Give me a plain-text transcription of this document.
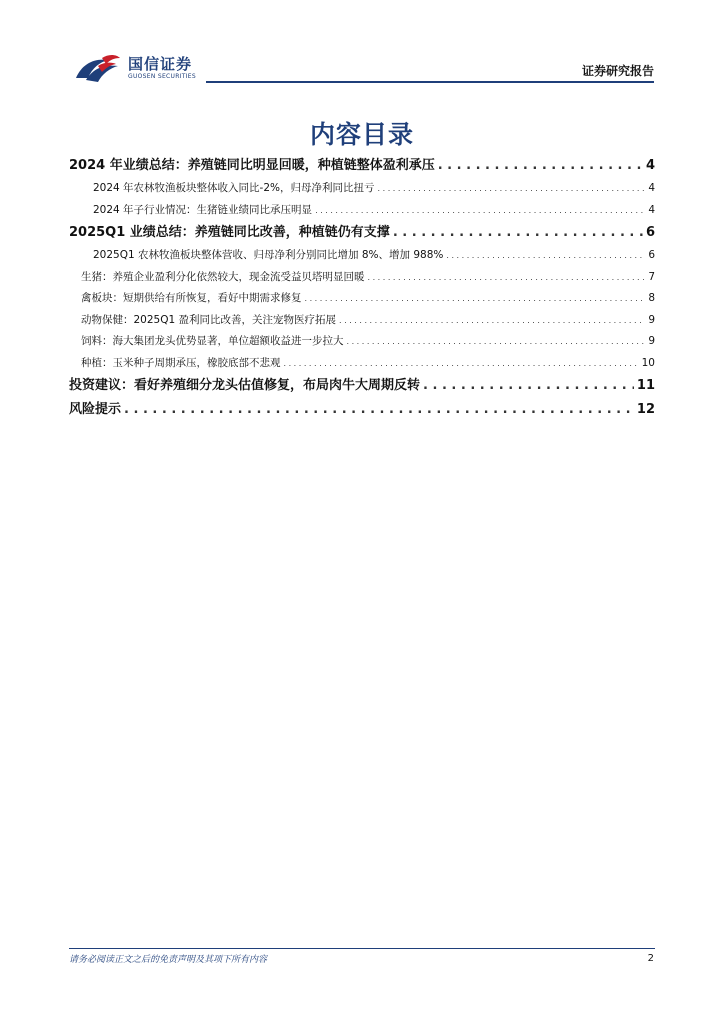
国信证券
GUOSEN SECURITIES	证券研究报告
内容目录
2024 年业绩总结：养殖链同比明显回暖，种植链整体盈利承压 . . .	4
2024 年农林牧渔板块整体收入同比-2%，归母净利同比扭亏 . . .	4
2024 年子行业情况：生猪链业绩同比承压明显 . . .	4
2025Q1 业绩总结：养殖链同比改善，种植链仍有支撑 . . .	6
2025Q1 农林牧渔板块整体营收、归母净利分别同比增加 8%、增加 988% . . .	6
生猪：养殖企业盈利分化依然较大，现金流受益贝塔明显回暖 . . .	7
禽板块：短期供给有所恢复，看好中期需求修复 . . .	8
动物保健：2025Q1 盈利同比改善，关注宠物医疗拓展 . . .	9
饲料：海大集团龙头优势显著，单位超额收益进一步拉大 . . .	9
种植：玉米种子周期承压，橡胶底部不悲观 . . .	10
投资建议：看好养殖细分龙头估值修复，布局肉牛大周期反转 . . .	11
风险提示 . . .	12
请务必阅读正文之后的免责声明及其项下所有内容	2
